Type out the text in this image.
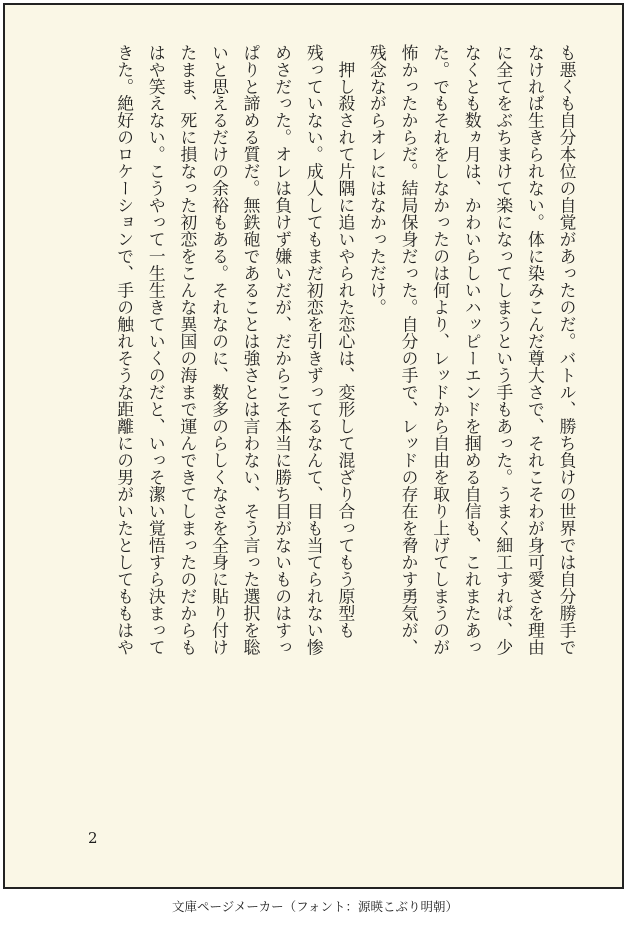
も悪くも自分本位の自覚があったのだ。バトル、勝ち負けの世界では自分勝手で
なければ生きられない。体に染みこんだ尊大さで、それこそわが身可愛さを理由
に全てをぶちまけて楽になってしまうという手もあった。うまく細工すれば、少
なくとも数ヵ月は、かわいらしいハッピーエンドを掴める自信も、これまたあっ
た。でもそれをしなかったのは何より、レッドから自由を取り上げてしまうのが
怖かったからだ。結局保身だった。自分の手で、レッドの存在を脅かす勇気が、
残念ながらオレにはなかっただけ。
　押し殺されて片隅に追いやられた恋心は、変形して混ざり合ってもう原型も
残っていない。成人してもまだ初恋を引きずってるなんて、目も当てられない惨
めさだった。オレは負けず嫌いだが、だからこそ本当に勝ち目がないものはすっ
ぱりと諦める質だ。無鉄砲であることは強さとは言わない、そう言った選択を聡
いと思えるだけの余裕もある。それなのに、数多のらしくなさを全身に貼り付け
たまま、死に損なった初恋をこんな異国の海まで運んできてしまったのだからも
はや笑えない。こうやって一生生きていくのだと、いっそ潔い覚悟すら決まって
きた。絶好のロケーションで、手の触れそうな距離にの男がいたとしてももはや
2
文庫ページメーカー（フォント：源暎こぶり明朝）
